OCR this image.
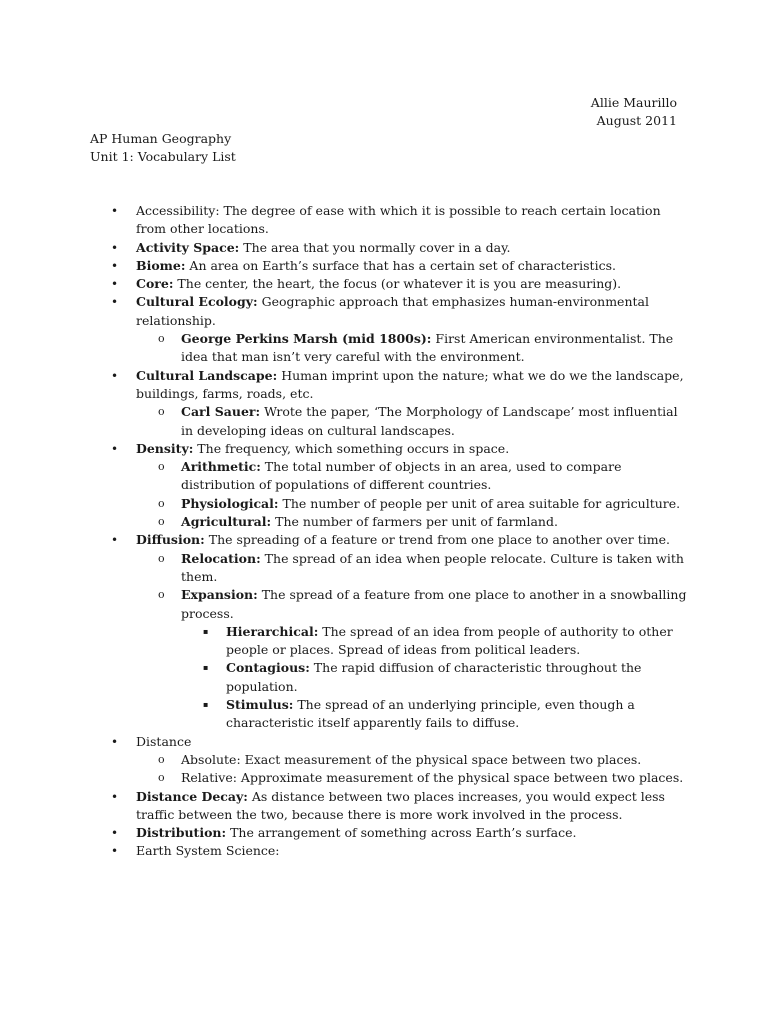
Allie Maurillo
August 2011
AP Human Geography
Unit 1: Vocabulary List
• Accessibility: The degree of ease with which it is possible to reach certain location from other locations.
• Activity Space: The area that you normally cover in a day.
• Biome: An area on Earth’s surface that has a certain set of characteristics.
• Core: The center, the heart, the focus (or whatever it is you are measuring).
• Cultural Ecology: Geographic approach that emphasizes human-environmental relationship.
o George Perkins Marsh (mid 1800s): First American environmentalist. The idea that man isn’t very careful with the environment.
• Cultural Landscape: Human imprint upon the nature; what we do we the landscape, buildings, farms, roads, etc.
o Carl Sauer: Wrote the paper, ‘The Morphology of Landscape’ most influential in developing ideas on cultural landscapes.
• Density: The frequency, which something occurs in space.
o Arithmetic: The total number of objects in an area, used to compare distribution of populations of different countries.
o Physiological: The number of people per unit of area suitable for agriculture.
o Agricultural: The number of farmers per unit of farmland.
• Diffusion: The spreading of a feature or trend from one place to another over time.
o Relocation: The spread of an idea when people relocate. Culture is taken with them.
o Expansion: The spread of a feature from one place to another in a snowballing process.
▪ Hierarchical: The spread of an idea from people of authority to other people or places. Spread of ideas from political leaders.
▪ Contagious: The rapid diffusion of characteristic throughout the population.
▪ Stimulus: The spread of an underlying principle, even though a characteristic itself apparently fails to diffuse.
• Distance
o Absolute: Exact measurement of the physical space between two places.
o Relative: Approximate measurement of the physical space between two places.
• Distance Decay: As distance between two places increases, you would expect less traffic between the two, because there is more work involved in the process.
• Distribution: The arrangement of something across Earth’s surface.
• Earth System Science:
